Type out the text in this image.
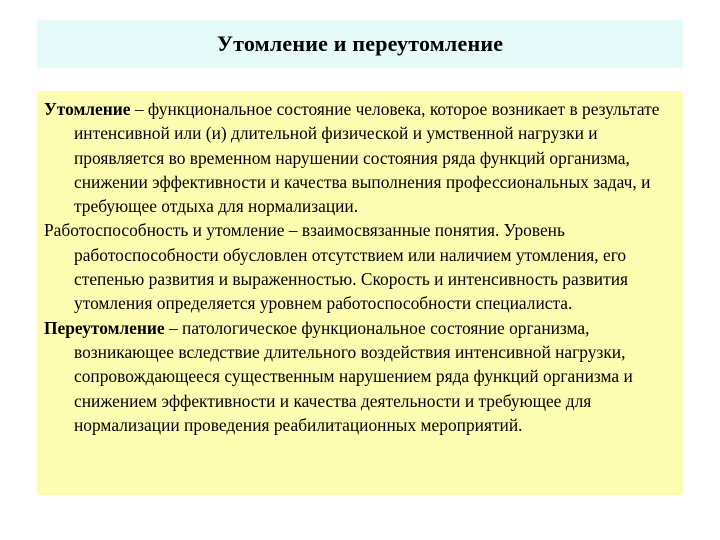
Утомление и переутомление

Утомление – функциональное состояние человека, которое возникает в результате интенсивной или (и) длительной физической и умственной нагрузки и проявляется во временном нарушении состояния ряда функций организма, снижении эффективности и качества выполнения профессиональных задач, и требующее отдыха для нормализации.

Работоспособность и утомление – взаимосвязанные понятия. Уровень работоспособности обусловлен отсутствием или наличием утомления, его степенью развития и выраженностью. Скорость и интенсивность развития утомления определяется уровнем работоспособности специалиста.

Переутомление – патологическое функциональное состояние организма, возникающее вследствие длительного воздействия интенсивной нагрузки, сопровождающееся существенным нарушением ряда функций организма и снижением эффективности и качества деятельности и требующее для нормализации проведения реабилитационных мероприятий.
